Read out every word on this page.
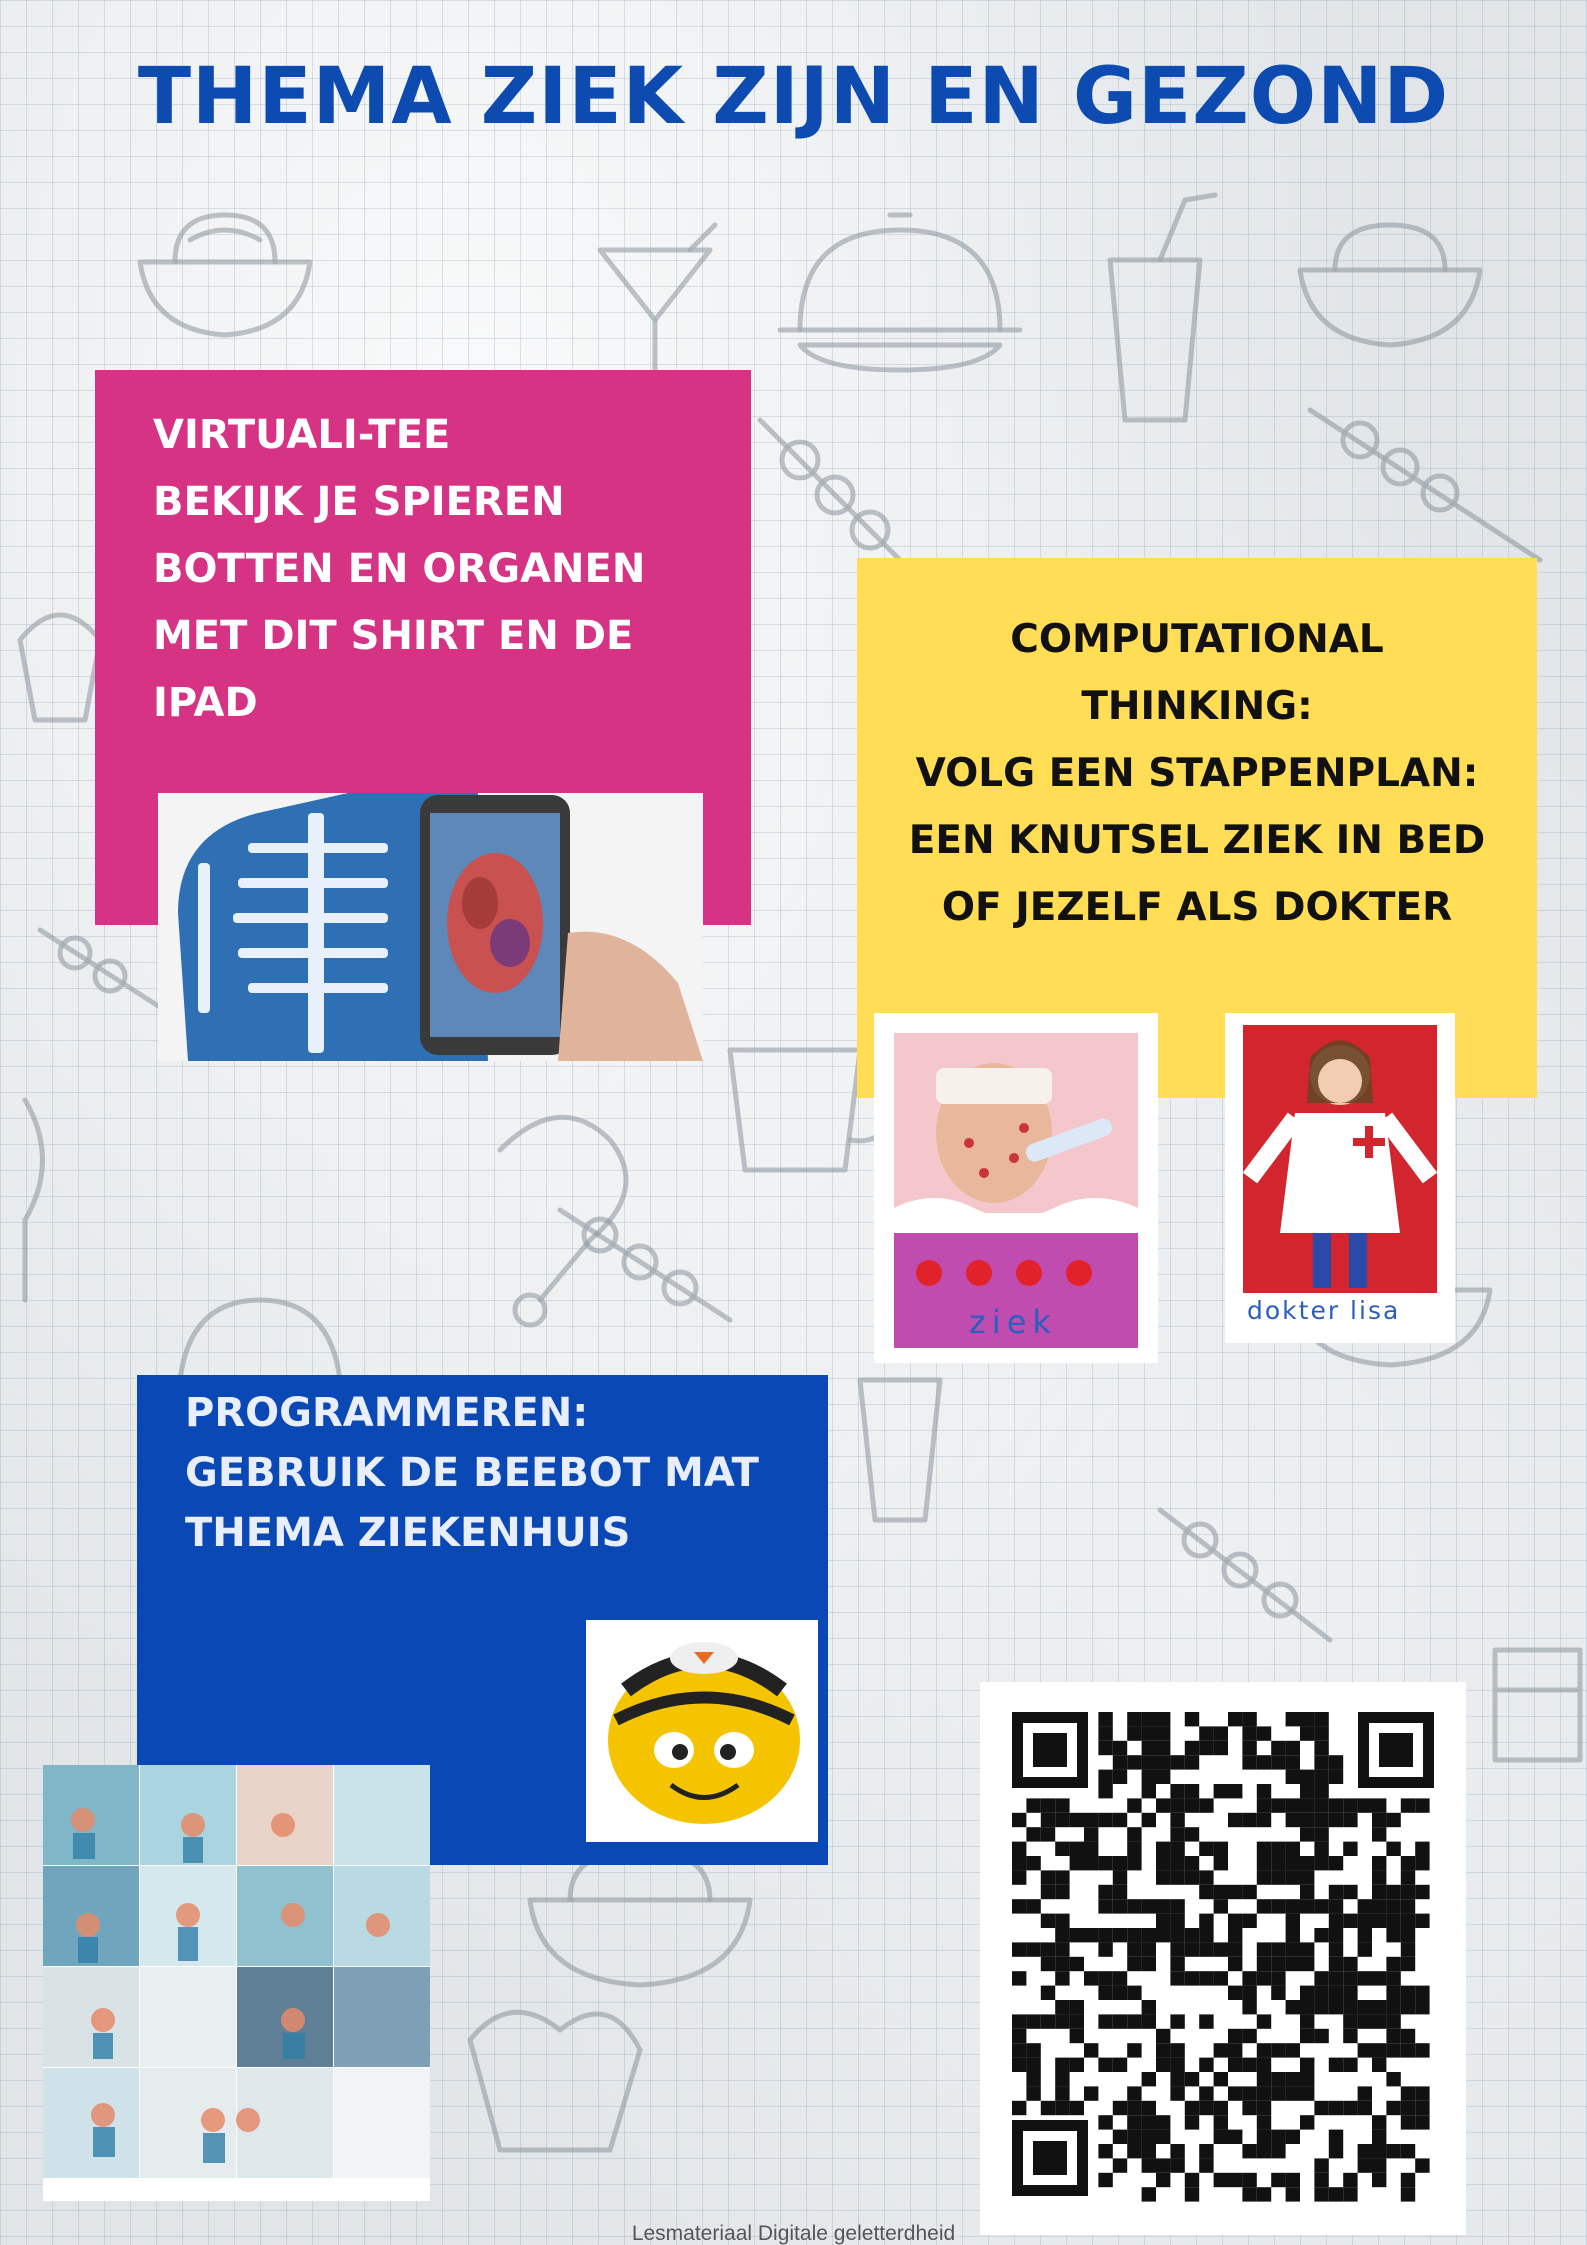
THEMA ZIEK ZIJN EN GEZOND
VIRTUALI-TEE
BEKIJK JE SPIEREN
BOTTEN EN ORGANEN
MET DIT SHIRT EN DE
IPAD
COMPUTATIONAL
THINKING:
VOLG EEN STAPPENPLAN:
EEN KNUTSEL ZIEK IN BED
OF JEZELF ALS DOKTER
ziek	dokter lisa
PROGRAMMEREN:
GEBRUIK DE BEEBOT MAT
THEMA ZIEKENHUIS
Lesmateriaal Digitale geletterdheid
